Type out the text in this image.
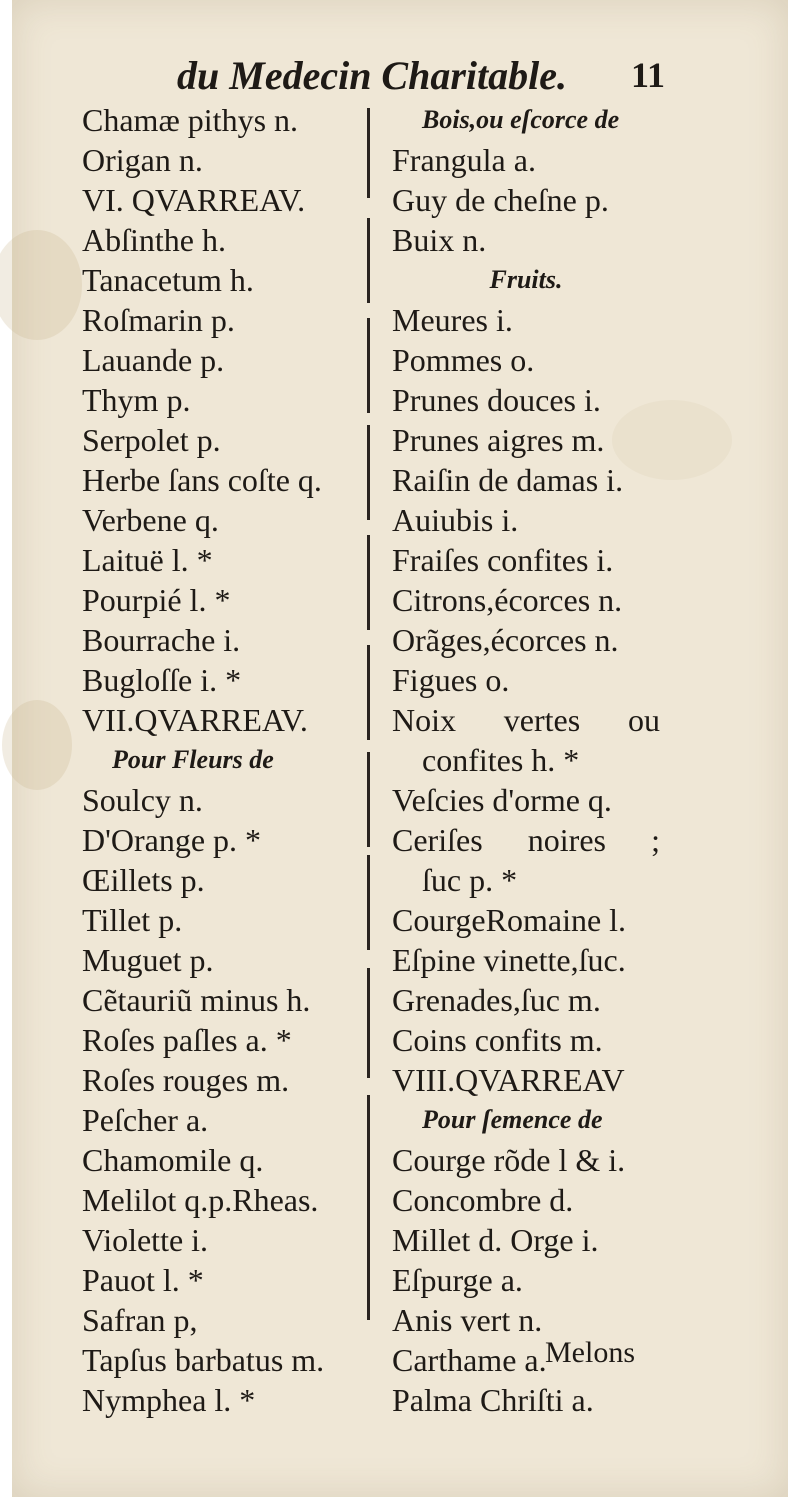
du Medecin Charitable. 11
Chamæ pithys n.
Origan n.
VI. QVARREAV.
Abſinthe h.
Tanacetum h.
Roſmarin p.
Lauande p.
Thym p.
Serpolet p.
Herbe ſans coſte q.
Verbene q.
Laituë l. *
Pourpié l. *
Bourrache i.
Bugloſſe i. *
VII.QVARREAV.
Pour Fleurs de
Soulcy n.
D'Orange p. *
Œillets p.
Tillet p.
Muguet p.
Cẽtauriũ minus h.
Roſes paſles a. *
Roſes rouges m.
Peſcher a.
Chamomile q.
Melilot q.p.Rheas.
Violette i.
Pauot l. *
Safran p,
Tapſus barbatus m.
Nymphea l. *
Bois,ou eſcorce de
Frangula a.
Guy de cheſne p.
Buix n.
Fruits.
Meures i.
Pommes o.
Prunes douces i.
Prunes aigres m.
Raiſin de damas i.
Auiubis i.
Fraiſes confites i.
Citrons,écorces n.
Orãges,écorces n.
Figues o.
Noix vertes ou
confites h. *
Veſcies d'orme q.
Ceriſes noires ;
ſuc p. *
CourgeRomaine l.
Eſpine vinette,ſuc.
Grenades,ſuc m.
Coins confits m.
VIII.QVARREAV
Pour ſemence de
Courge rõde l & i.
Concombre d.
Millet d. Orge i.
Eſpurge a.
Anis vert n.
Carthame a.
Palma Chriſti a.
Melons
